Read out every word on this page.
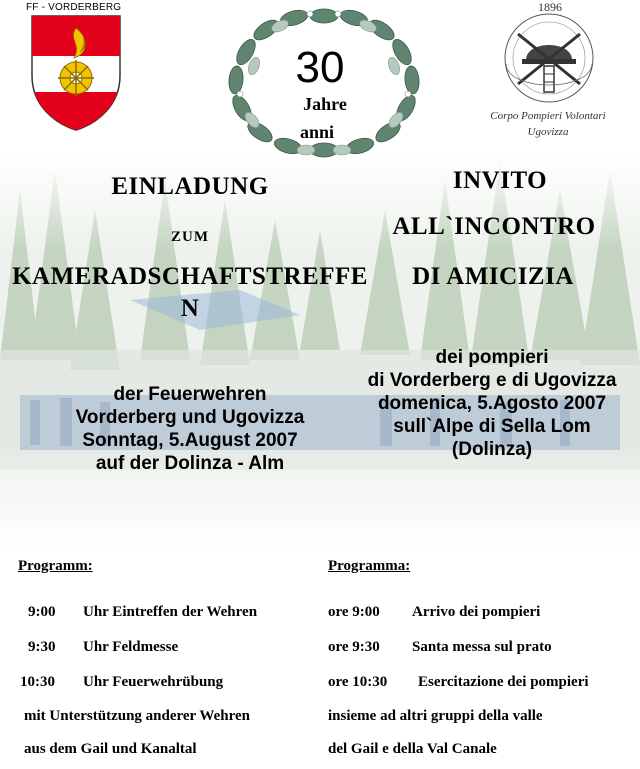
FF - VORDERBERG
30
Jahre
anni
1896
Corpo Pompieri Volontari
Ugovizza
EINLADUNG
ZUM
KAMERADSCHAFTSTREFFE
N
INVITO
ALL`INCONTRO
DI AMICIZIA
der Feuerwehren
Vorderberg und Ugovizza
Sonntag, 5.August 2007
auf der Dolinza - Alm
dei pompieri
di Vorderberg e di Ugovizza
domenica, 5.Agosto 2007
sull`Alpe di Sella Lom
(Dolinza)
Programm:	Programma:
9:00 Uhr Eintreffen der Wehren
9:30 Uhr Feldmesse
10:30 Uhr Feuerwehrübung
mit Unterstützung anderer Wehren
aus dem Gail und Kanaltal
ore 9:00 Arrivo dei pompieri
ore 9:30 Santa messa sul prato
ore 10:30 Esercitazione dei pompieri
insieme ad altri gruppi della valle
del Gail e della Val Canale
